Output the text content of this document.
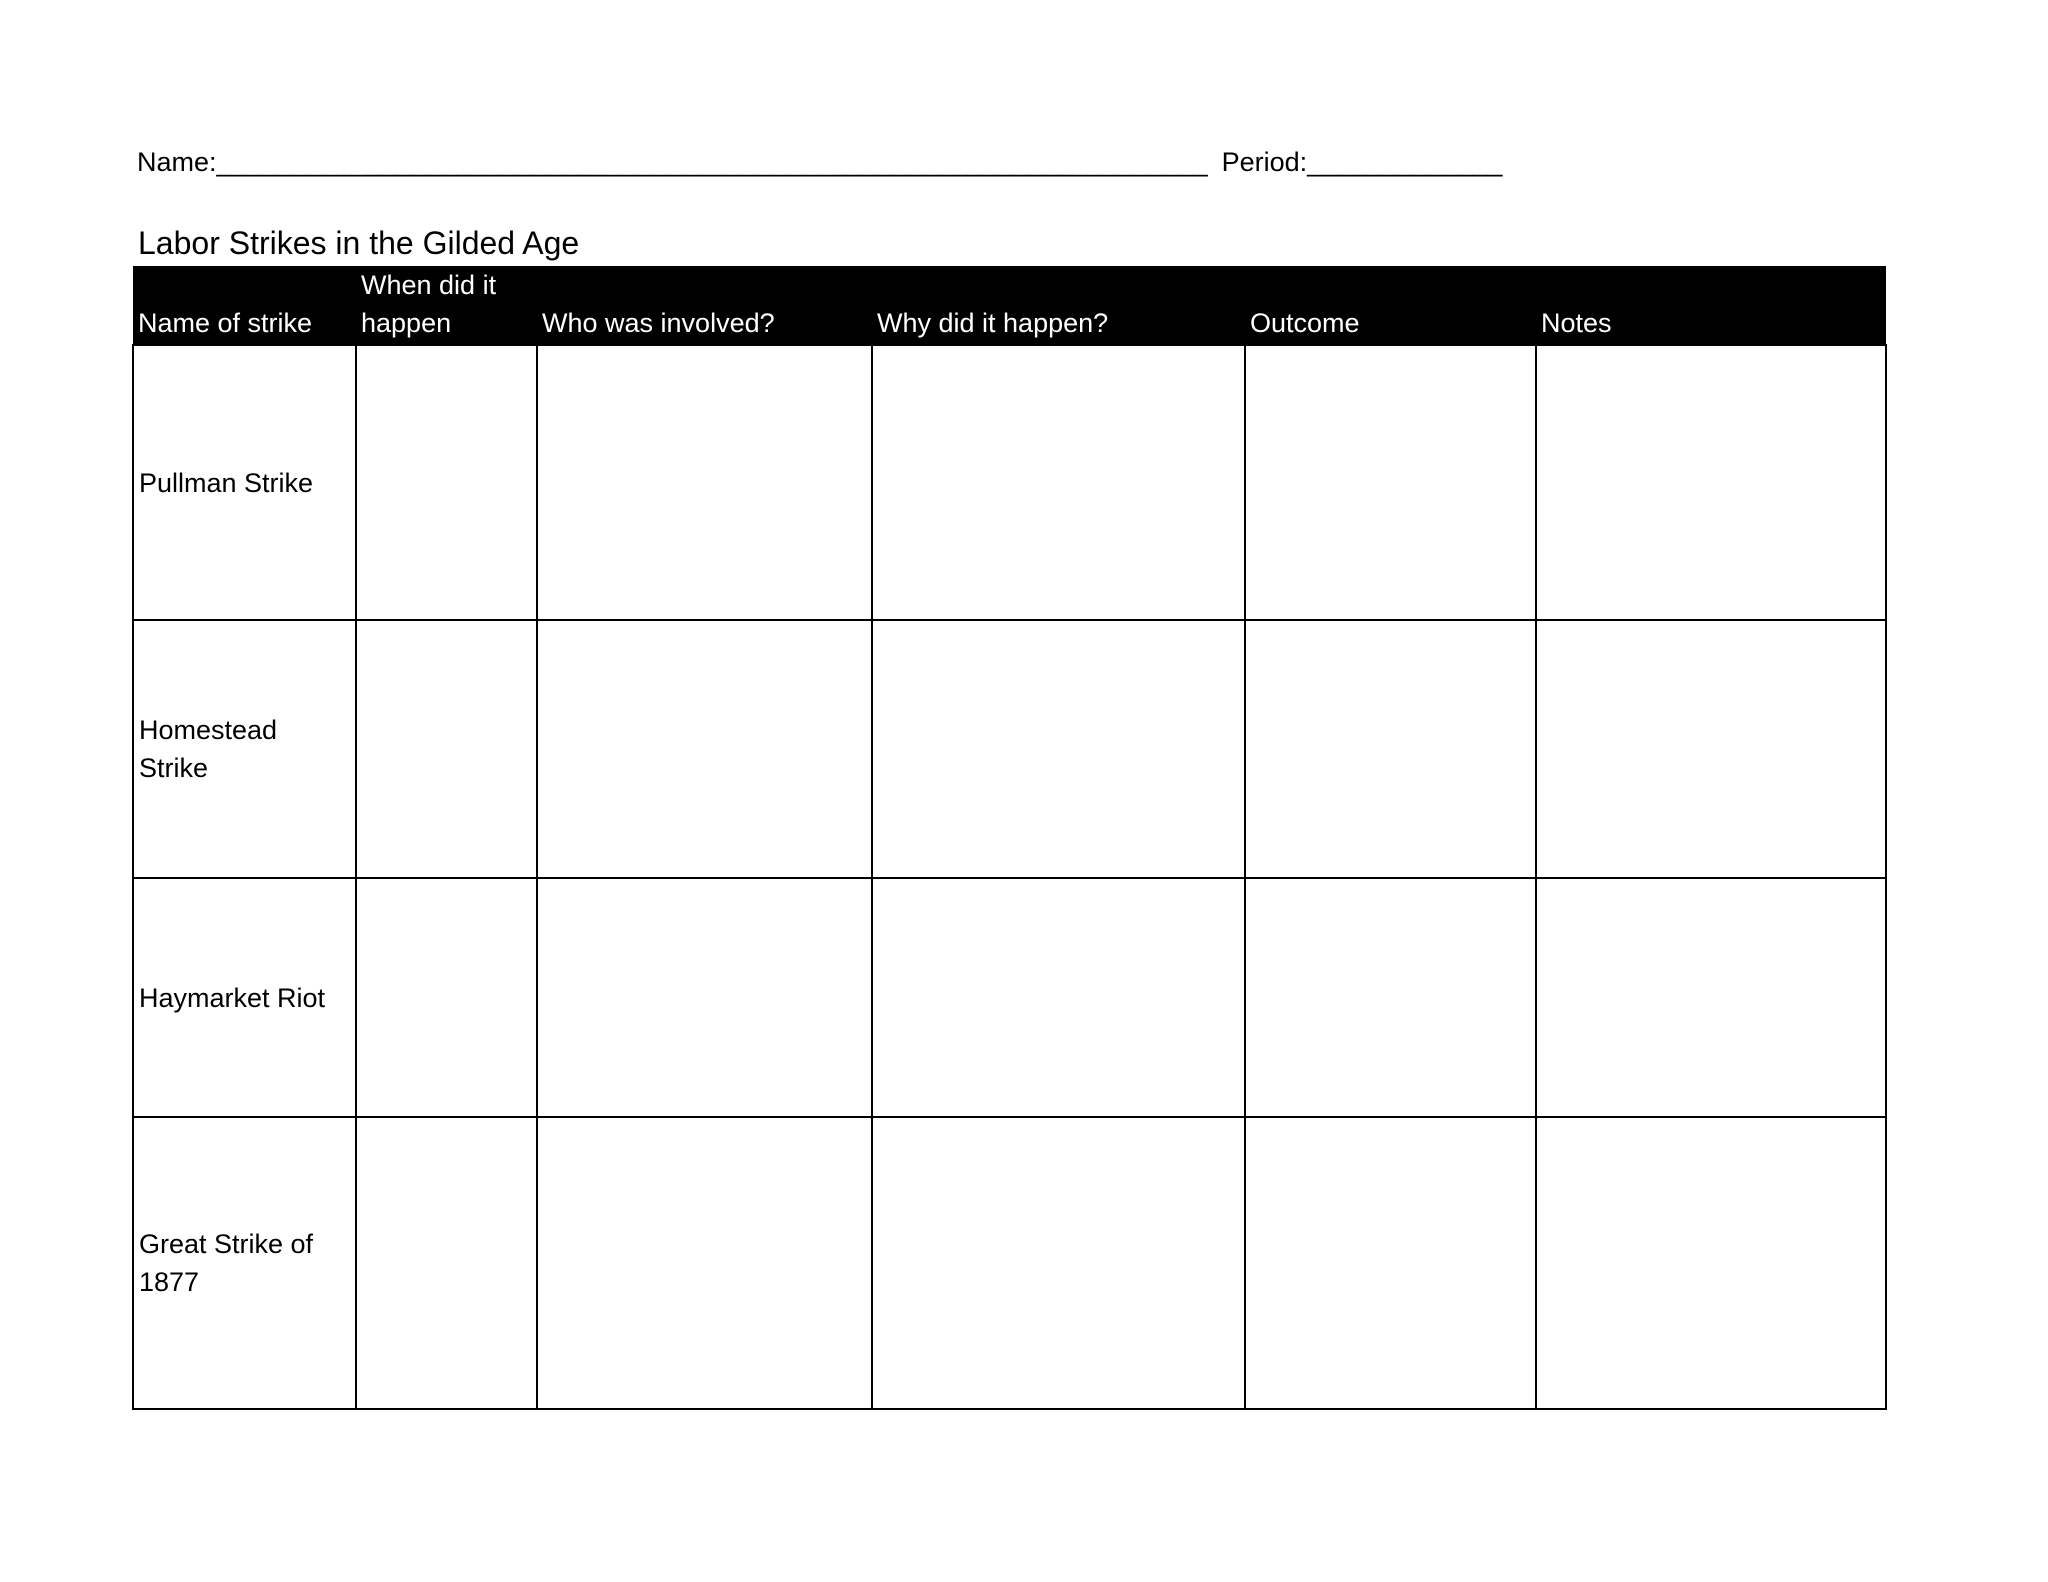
Name:__________________________________________________________________ Period:_____________
Labor Strikes in the Gilded Age
Name of strike	When did it happen	Who was involved?	Why did it happen?	Outcome	Notes
Pullman Strike					
Homestead Strike					
Haymarket Riot					
Great Strike of 1877					
